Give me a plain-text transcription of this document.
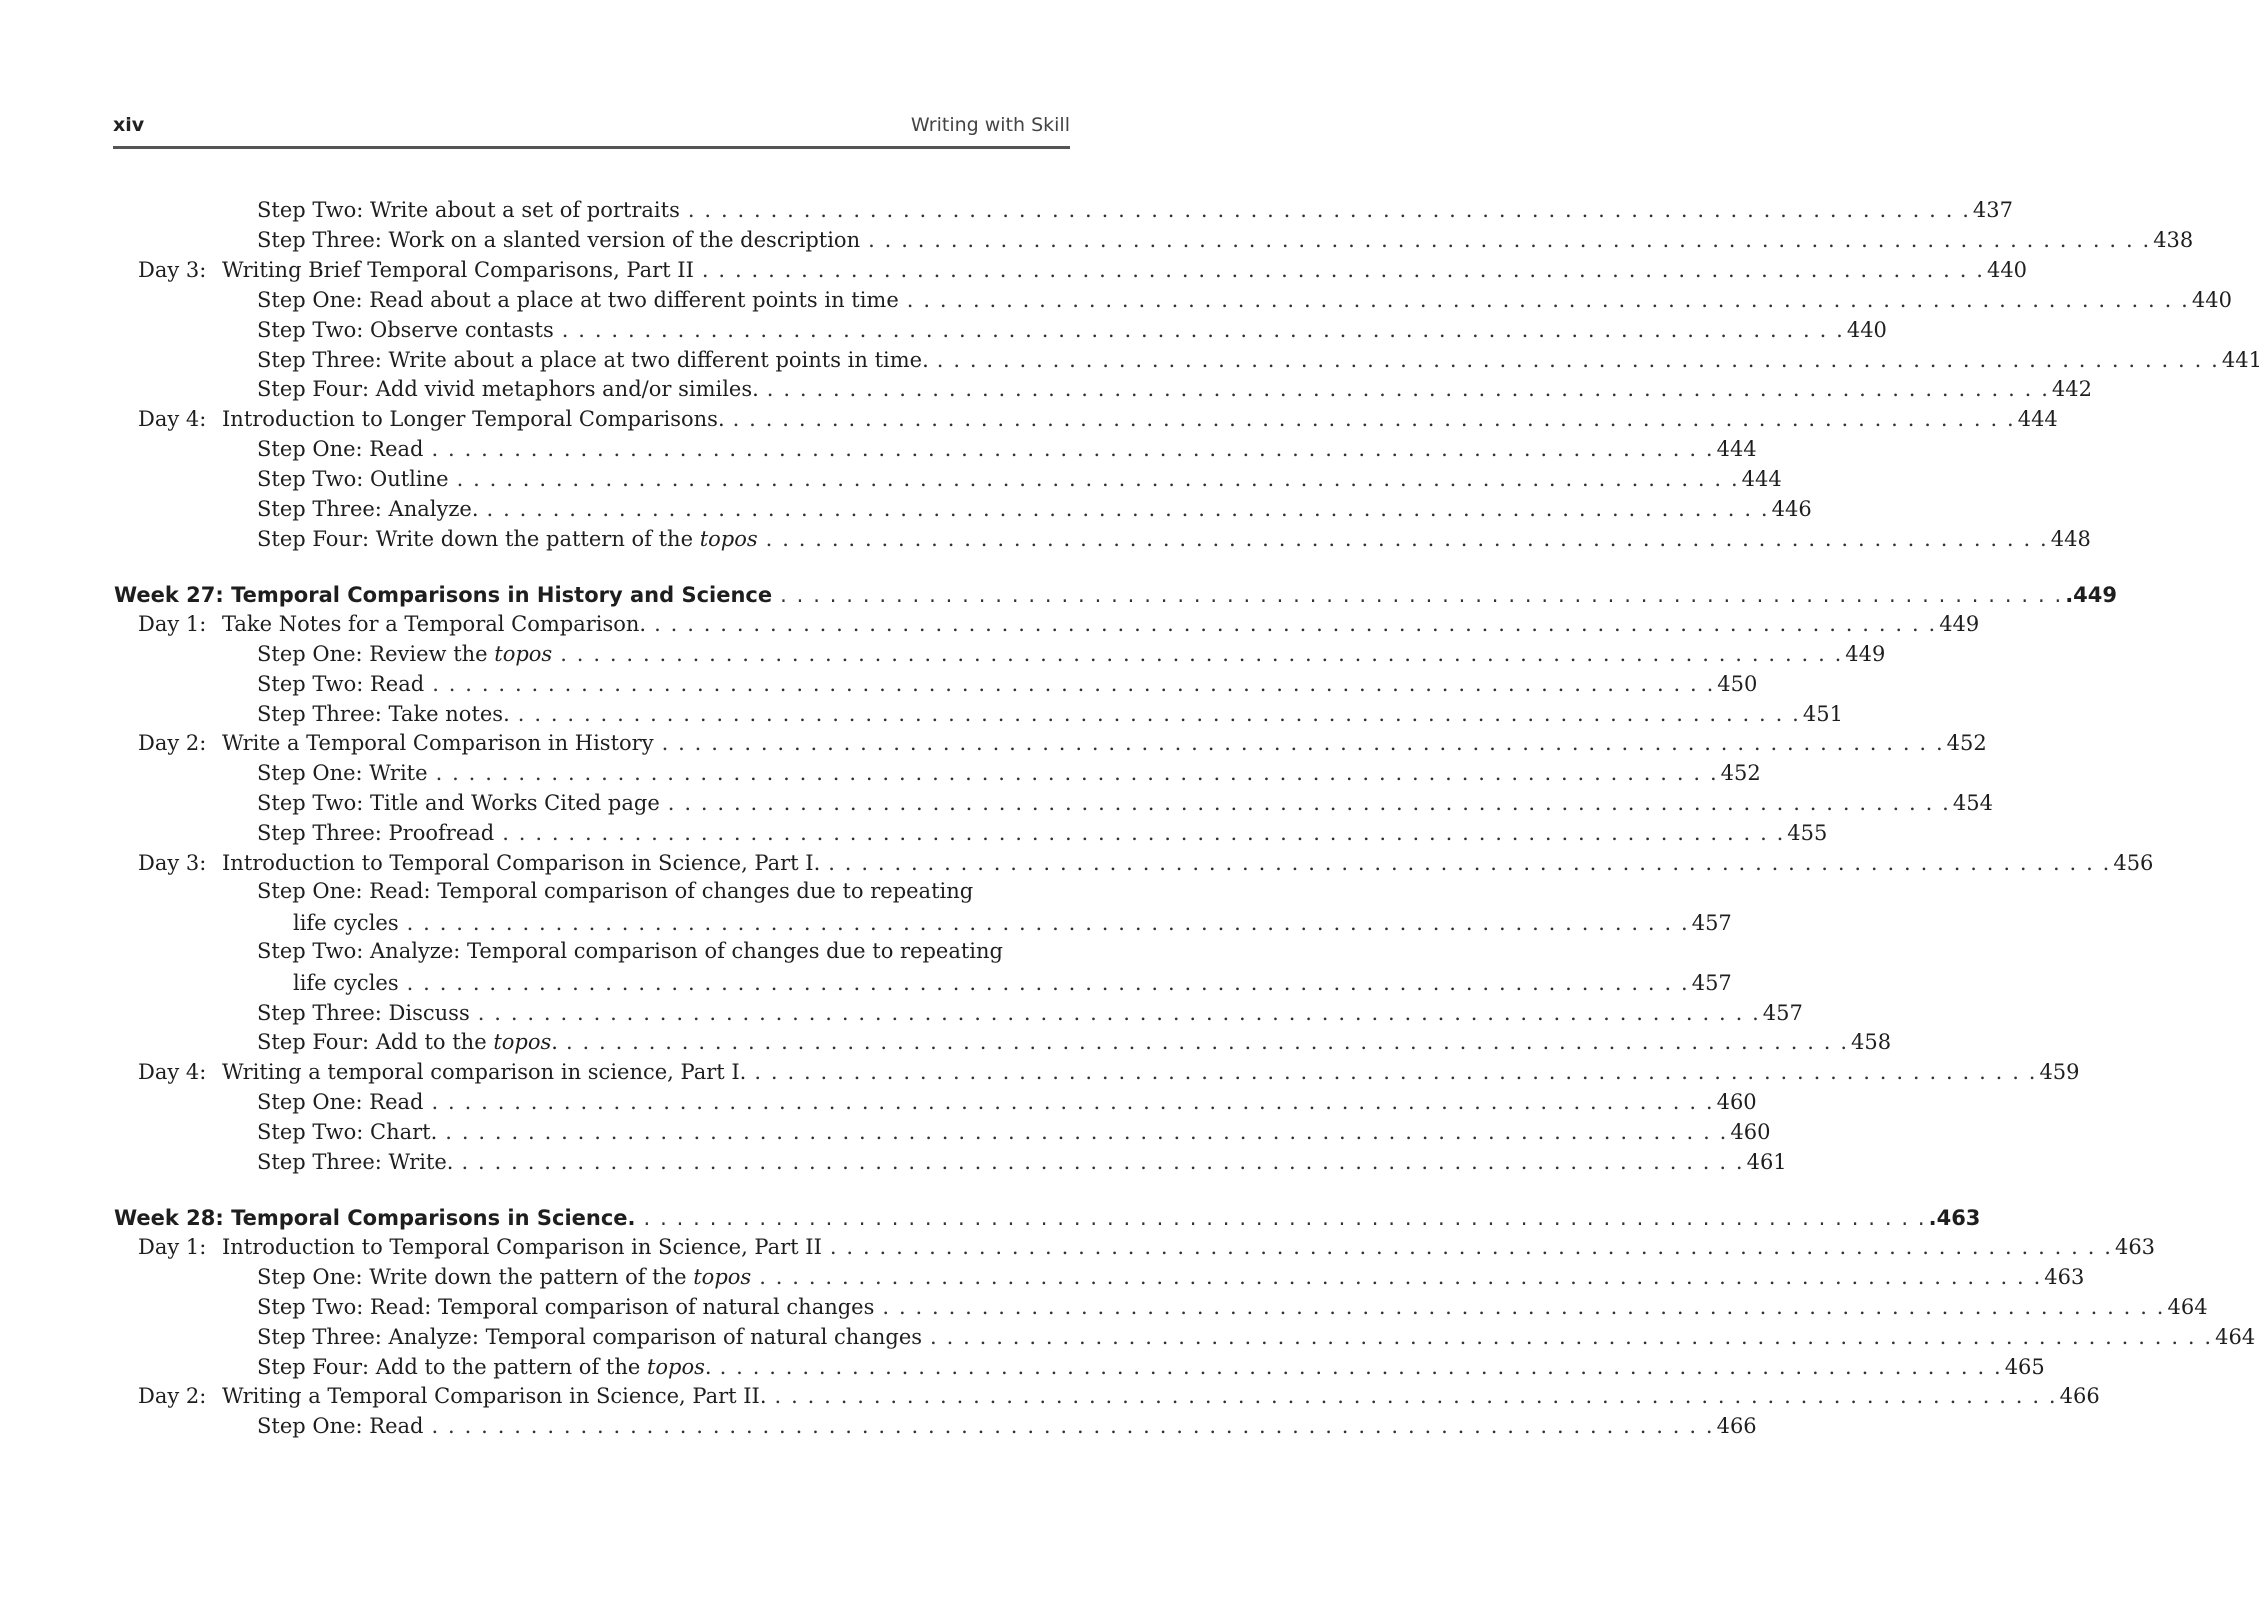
xiv	Writing with Skill
Step Two: Write about a set of portraits . . .	437
Step Three: Work on a slanted version of the description . . .	438
Day 3: Writing Brief Temporal Comparisons, Part II . . .	440
Step One: Read about a place at two different points in time . . .	440
Step Two: Observe contasts . . .	440
Step Three: Write about a place at two different points in time. . . .	441
Step Four: Add vivid metaphors and/or similes. . . .	442
Day 4: Introduction to Longer Temporal Comparisons. . . .	444
Step One: Read . . .	444
Step Two: Outline . . .	444
Step Three: Analyze. . . .	446
Step Four: Write down the pattern of the topos . . .	448
Week 27: Temporal Comparisons in History and Science . . .	.449
Day 1: Take Notes for a Temporal Comparison. . . .	449
Step One: Review the topos . . .	449
Step Two: Read . . .	450
Step Three: Take notes. . . .	451
Day 2: Write a Temporal Comparison in History . . .	452
Step One: Write . . .	452
Step Two: Title and Works Cited page . . .	454
Step Three: Proofread . . .	455
Day 3: Introduction to Temporal Comparison in Science, Part I. . . .	456
Step One: Read: Temporal comparison of changes due to repeating
life cycles . . .	457
Step Two: Analyze: Temporal comparison of changes due to repeating
life cycles . . .	457
Step Three: Discuss . . .	457
Step Four: Add to the topos. . . .	458
Day 4: Writing a temporal comparison in science, Part I. . . .	459
Step One: Read . . .	460
Step Two: Chart. . . .	460
Step Three: Write. . . .	461
Week 28: Temporal Comparisons in Science. . . .	.463
Day 1: Introduction to Temporal Comparison in Science, Part II . . .	463
Step One: Write down the pattern of the topos . . .	463
Step Two: Read: Temporal comparison of natural changes . . .	464
Step Three: Analyze: Temporal comparison of natural changes . . .	464
Step Four: Add to the pattern of the topos. . . .	465
Day 2: Writing a Temporal Comparison in Science, Part II. . . .	466
Step One: Read . . .	466
